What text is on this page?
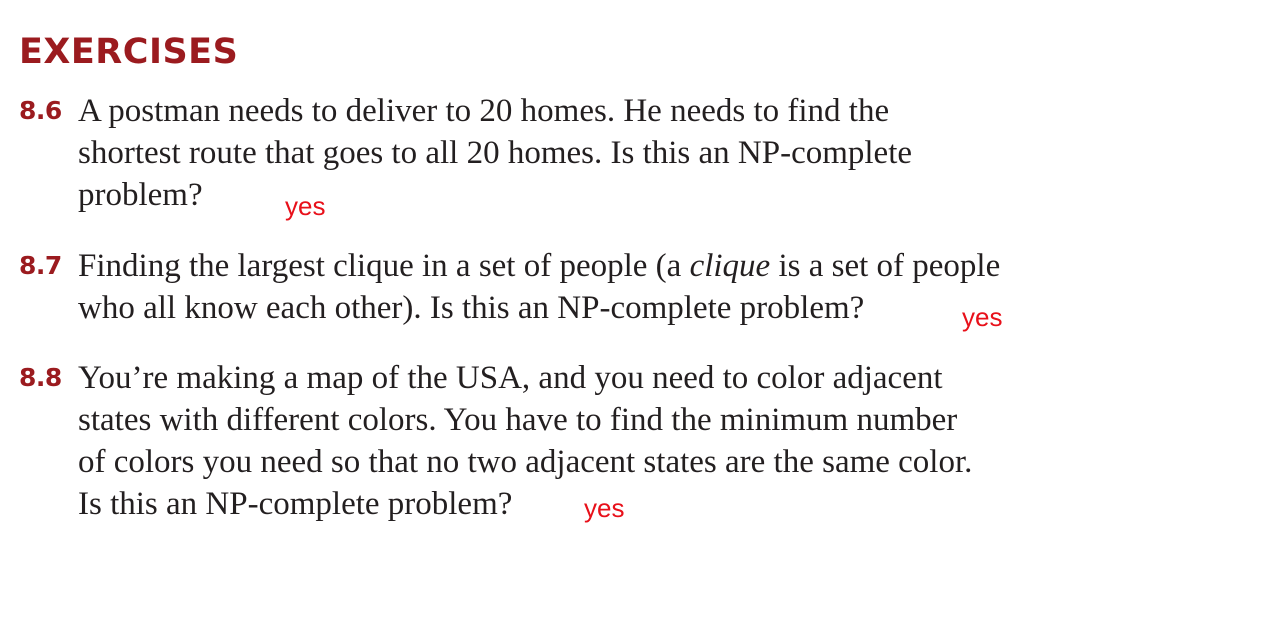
EXERCISES
8.6 A postman needs to deliver to 20 homes. He needs to find the
shortest route that goes to all 20 homes. Is this an NP-complete
problem?	yes
8.7 Finding the largest clique in a set of people (a clique is a set of people
who all know each other). Is this an NP-complete problem?	yes
8.8 You’re making a map of the USA, and you need to color adjacent
states with different colors. You have to find the minimum number
of colors you need so that no two adjacent states are the same color.
Is this an NP-complete problem?	yes
